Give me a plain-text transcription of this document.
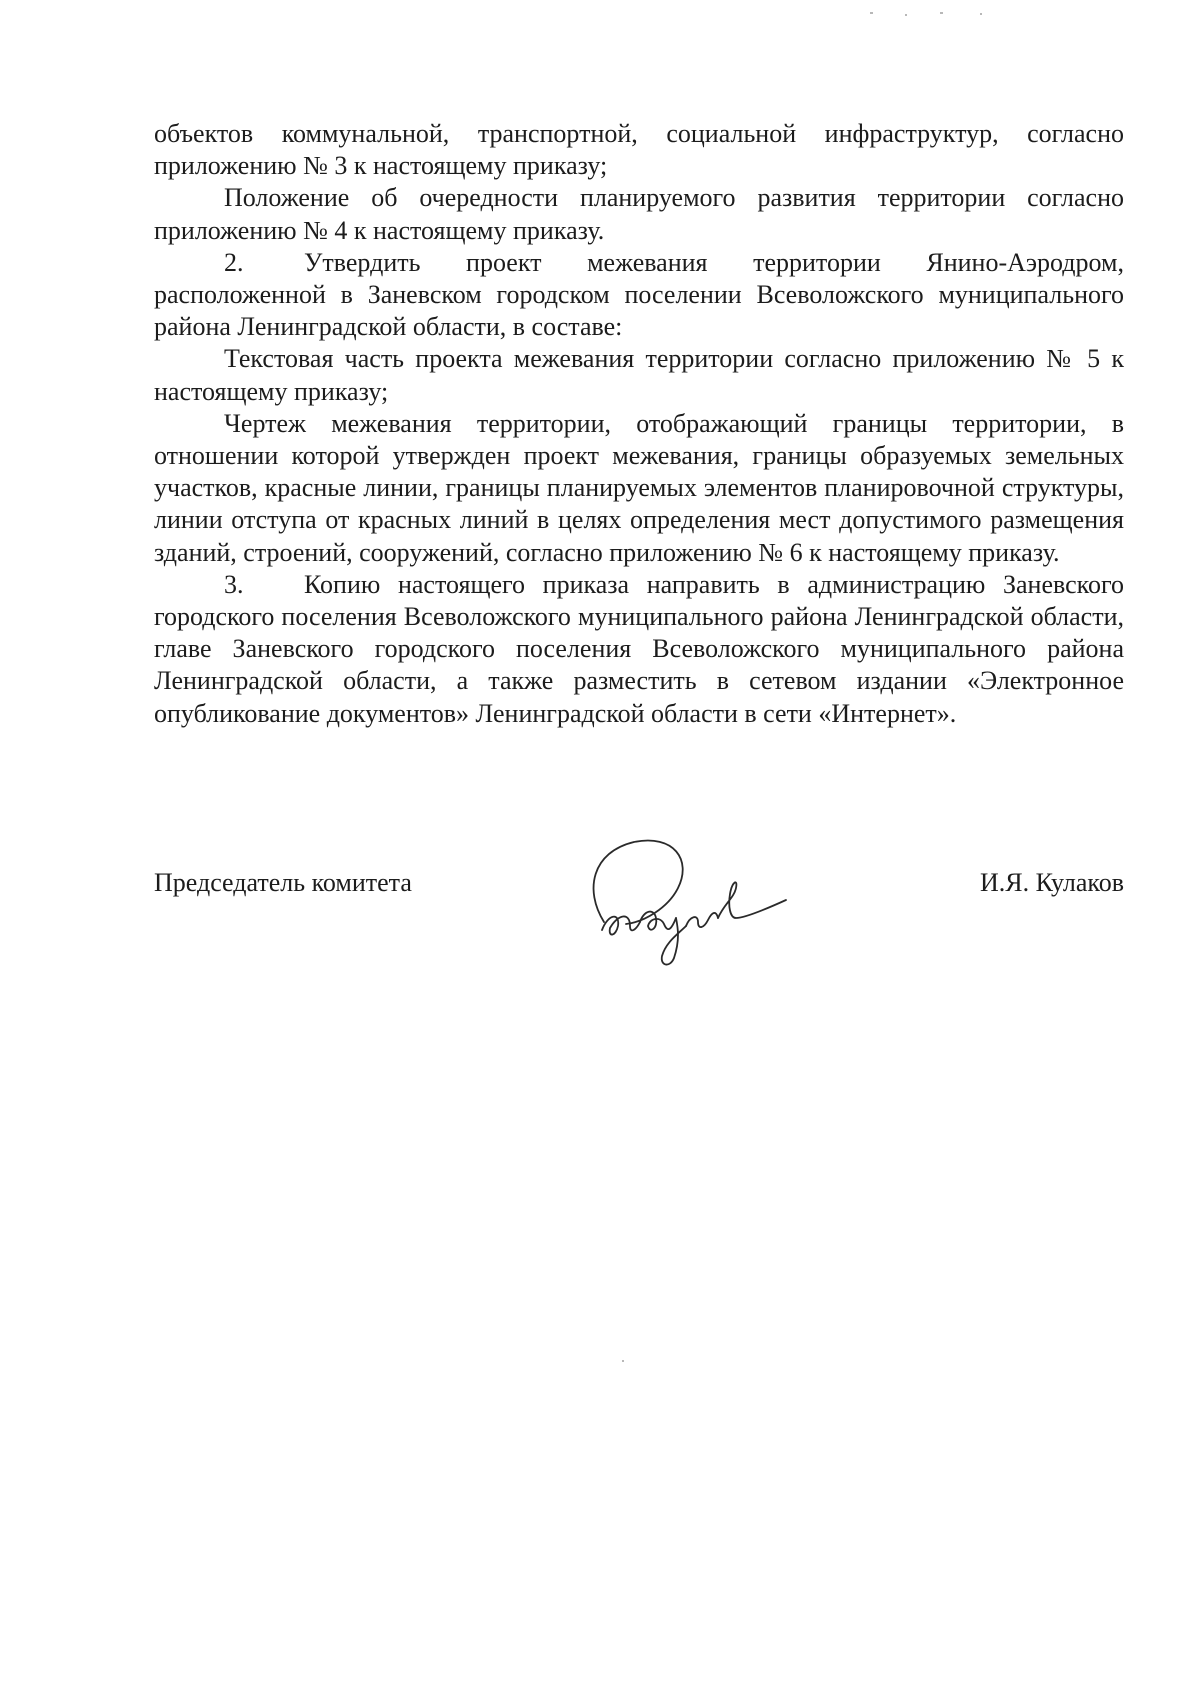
объектов коммунальной, транспортной, социальной инфраструктур, согласно приложению № 3 к настоящему приказу;

Положение об очередности планируемого развития территории согласно приложению № 4 к настоящему приказу.

2. Утвердить проект межевания территории Янино-Аэродром, расположенной в Заневском городском поселении Всеволожского муниципального района Ленинградской области, в составе:

Текстовая часть проекта межевания территории согласно приложению № 5 к настоящему приказу;

Чертеж межевания территории, отображающий границы территории, в отношении которой утвержден проект межевания, границы образуемых земельных участков, красные линии, границы планируемых элементов планировочной структуры, линии отступа от красных линий в целях определения мест допустимого размещения зданий, строений, сооружений, согласно приложению № 6 к настоящему приказу.

3. Копию настоящего приказа направить в администрацию Заневского городского поселения Всеволожского муниципального района Ленинградской области, главе Заневского городского поселения Всеволожского муниципального района Ленинградской области, а также разместить в сетевом издании «Электронное опубликование документов» Ленинградской области в сети «Интернет».

Председатель комитета	И.Я. Кулаков
